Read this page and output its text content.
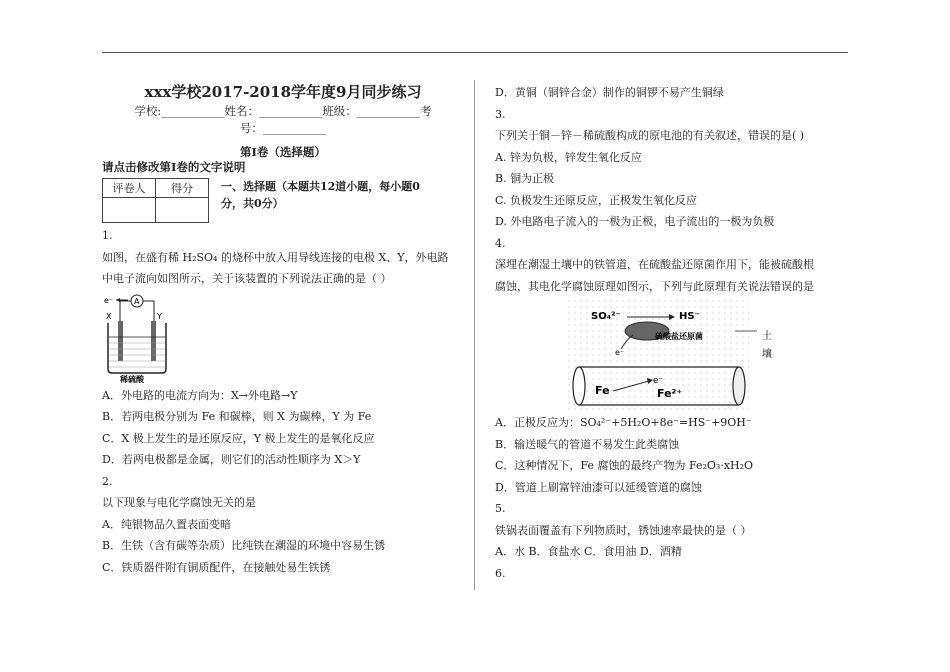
xxx学校2017-2018学年度9月同步练习
学校:___________姓名：___________班级：___________考
号：___________
第I卷（选择题）
请点击修改第I卷的文字说明
评卷人	得分
		一、选择题（本题共12道小题，每小题0分，共0分）

1.

如图，在盛有稀 H₂SO₄ 的烧杯中放入用导线连接的电极 X、Y，外电路

中电子流向如图所示，关于该装置的下列说法正确的是（ ）

e⁻	A
X	Y
稀硫酸

A．外电路的电流方向为：X→外电路→Y

B．若两电极分别为 Fe 和碳棒，则 X 为碳棒，Y 为 Fe

C．X 极上发生的是还原反应，Y 极上发生的是氧化反应

D．若两电极都是金属，则它们的活动性顺序为 X＞Y

2.

以下现象与电化学腐蚀无关的是

A．纯银物品久置表面变暗

B．生铁（含有碳等杂质）比纯铁在潮湿的环境中容易生锈

C．铁质器件附有铜质配件，在接触处易生铁锈

D．黄铜（铜锌合金）制作的铜锣不易产生铜绿

3.

下列关于铜－锌－稀硫酸构成的原电池的有关叙述，错误的是( )

A. 锌为负极，锌发生氧化反应

B. 铜为正极

C. 负极发生还原反应，正极发生氧化反应

D. 外电路电子流入的一极为正极，电子流出的一极为负极

4.

深埋在潮湿土壤中的铁管道，在硫酸盐还原菌作用下，能被硫酸根

腐蚀，其电化学腐蚀原理如图示，下列与此原理有关说法错误的是

SO₄²⁻	HS⁻
硫酸盐还原菌
e⁻
土
壤
Fe
e⁻
Fe²⁺

A．正极反应为：SO₄²⁻+5H₂O+8e⁻=HS⁻+9OH⁻

B．输送暖气的管道不易发生此类腐蚀

C．这种情况下，Fe 腐蚀的最终产物为 Fe₂O₃·xH₂O

D．管道上刷富锌油漆可以延缓管道的腐蚀

5.

铁锅表面覆盖有下列物质时，锈蚀速率最快的是（ ）

A．水 B．食盐水 C．食用油 D．酒精

6.
